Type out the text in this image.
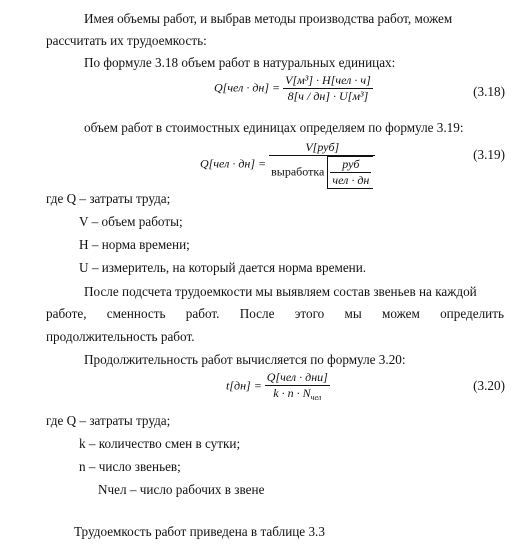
Имея объемы работ, и выбрав методы производства работ, можем
рассчитать их трудоемкость:
По формуле 3.18 объем работ в натуральных единицах:
$Q[чел \cdot дн] = \frac{\text{V[м³] · H[чел · ч]}}{\text{8[ч / дн] · U[м³]}}$	(3.18)
объем работ в стоимостных единицах определяем по формуле 3.19:
$Q[чел \cdot дн] = \frac{\text{V[руб]}}{выработка \frac{\text{руб}}{\text{чел · дн}}}$	(3.19)
где Q – затраты труда;
V – объем работы;
H – норма времени;
U – измеритель, на который дается норма времени.
После подсчета трудоемкости мы выявляем состав звеньев на каждой
работе, сменность работ. После этого мы можем определить
продолжительность работ.
Продолжительность работ вычисляется по формуле 3.20:
$t[дн] = \frac{\text{Q[чел · дни]}}{k \cdot n \cdot N_{чел}}$	(3.20)
где Q – затраты труда;
k – количество смен в сутки;
n – число звеньев;
Nчел – число рабочих в звене
Трудоемкость работ приведена в таблице 3.3
